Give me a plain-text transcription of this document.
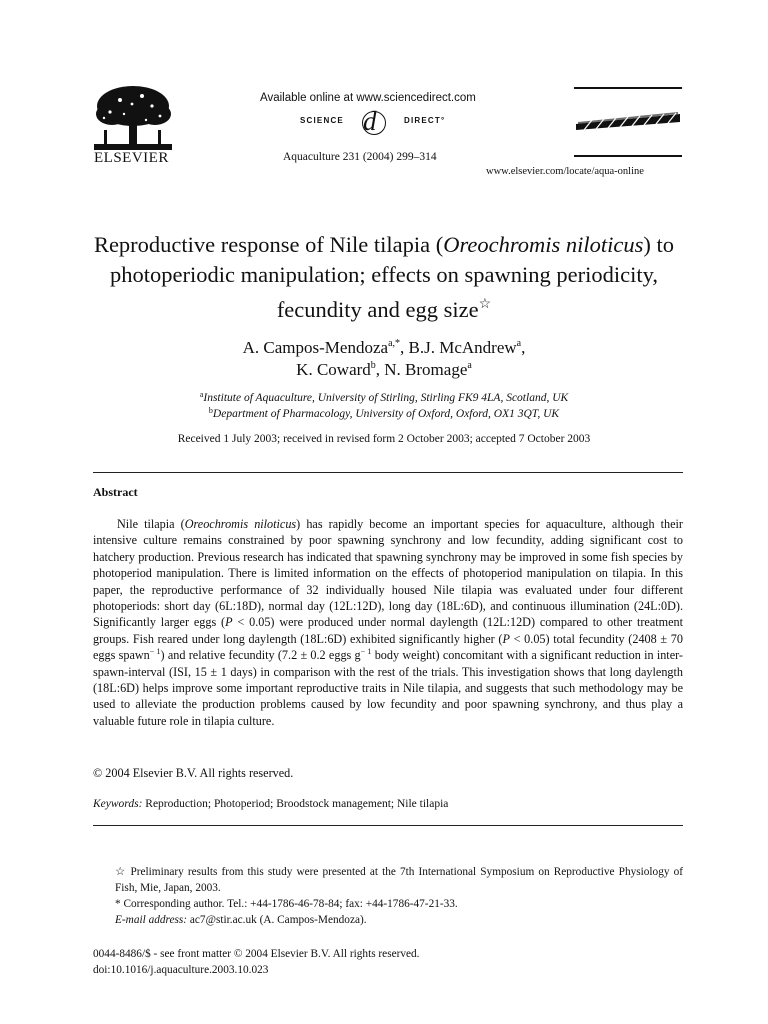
ELSEVIER
Available online at www.sciencedirect.com
SCIENCE d	DIRECT°
Aquaculture 231 (2004) 299–314
www.elsevier.com/locate/aqua-online
Reproductive response of Nile tilapia (Oreochromis niloticus) to photoperiodic manipulation; effects on spawning periodicity, fecundity and egg size☆
A. Campos-Mendoza$^{a,*}$, B.J. McAndrew$^a$,
K. Coward$^b$, N. Bromage$^a$
$^a$Institute of Aquaculture, University of Stirling, Stirling FK9 4LA, Scotland, UK
$^b$Department of Pharmacology, University of Oxford, Oxford, OX1 3QT, UK
Received 1 July 2003; received in revised form 2 October 2003; accepted 7 October 2003
Abstract
Nile tilapia (Oreochromis niloticus) has rapidly become an important species for aquaculture, although their intensive culture remains constrained by poor spawning synchrony and low fecundity, adding significant cost to hatchery production. Previous research has indicated that spawning synchrony may be improved in some fish species by photoperiod manipulation. There is limited information on the effects of photoperiod manipulation on tilapia. In this paper, the reproductive performance of 32 individually housed Nile tilapia was evaluated under four different photoperiods: short day (6L:18D), normal day (12L:12D), long day (18L:6D), and continuous illumination (24L:0D). Significantly larger eggs (P < 0.05) were produced under normal daylength (12L:12D) compared to other treatment groups. Fish reared under long daylength (18L:6D) exhibited significantly higher (P < 0.05) total fecundity (2408 ± 70 eggs spawn$^{- 1}$) and relative fecundity (7.2 ± 0.2 eggs $g^{- 1}$ body weight) concomitant with a significant reduction in inter-spawn-interval (ISI, 15 ± 1 days) in comparison with the rest of the trials. This investigation shows that long daylength (18L:6D) helps improve some important reproductive traits in Nile tilapia, and suggests that such methodology may be used to alleviate the production problems caused by low fecundity and poor spawning synchrony, and thus play a valuable future role in tilapia culture.
© 2004 Elsevier B.V. All rights reserved.
Keywords: Reproduction; Photoperiod; Broodstock management; Nile tilapia
☆ Preliminary results from this study were presented at the 7th International Symposium on Reproductive Physiology of Fish, Mie, Japan, 2003.
* Corresponding author. Tel.: +44-1786-46-78-84; fax: +44-1786-47-21-33.
E-mail address: ac7@stir.ac.uk (A. Campos-Mendoza).
0044-8486/$ - see front matter © 2004 Elsevier B.V. All rights reserved.
doi:10.1016/j.aquaculture.2003.10.023
